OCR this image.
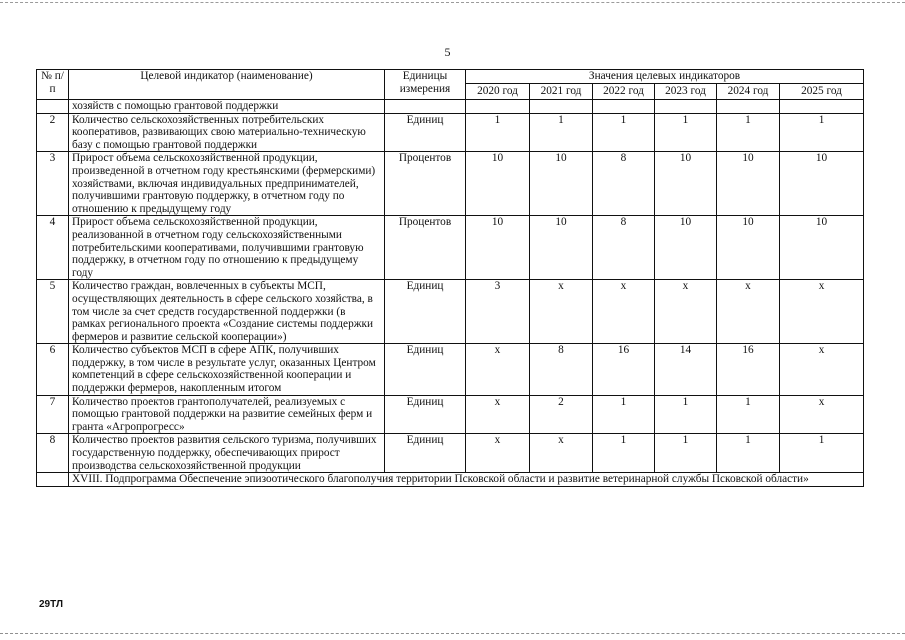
5
№ п/п	Целевой индикатор (наименование)	Единицы измерения	Значения целевых индикаторов					
			2020 год	2021 год	2022 год	2023 год	2024 год	2025 год
	хозяйств с помощью грантовой поддержки							
2	Количество сельскохозяйственных потребительских кооперативов, развивающих свою материально-техническую базу с помощью грантовой поддержки	Единиц	1	1	1	1	1	1
3	Прирост объема сельскохозяйственной продукции, произведенной в отчетном году крестьянскими (фермерскими) хозяйствами, включая индивидуальных предпринимателей, получившими грантовую поддержку, в отчетном году по отношению к предыдущему году	Процентов	10	10	8	10	10	10
4	Прирост объема сельскохозяйственной продукции, реализованной в отчетном году сельскохозяйственными потребительскими кооперативами, получившими грантовую поддержку, в отчетном году по отношению к предыдущему году	Процентов	10	10	8	10	10	10
5	Количество граждан, вовлеченных в субъекты МСП, осуществляющих деятельность в сфере сельского хозяйства, в том числе за счет средств государственной поддержки (в рамках регионального проекта «Создание системы поддержки фермеров и развитие сельской кооперации»)	Единиц	3	x	x	x	x	x
6	Количество субъектов МСП в сфере АПК, получивших поддержку, в том числе в результате услуг, оказанных Центром компетенций в сфере сельскохозяйственной кооперации и поддержки фермеров, накопленным итогом	Единиц	x	8	16	14	16	x
7	Количество проектов грантополучателей, реализуемых с помощью грантовой поддержки на развитие семейных ферм и гранта «Агропрогресс»	Единиц	x	2	1	1	1	x
8	Количество проектов развития сельского туризма, получивших государственную поддержку, обеспечивающих прирост производства сельскохозяйственной продукции	Единиц	x	x	1	1	1	1
	XVIII. Подпрограмма Обеспечение эпизоотического благополучия территории Псковской области и развитие ветеринарной службы Псковской области»							
29ТЛ
